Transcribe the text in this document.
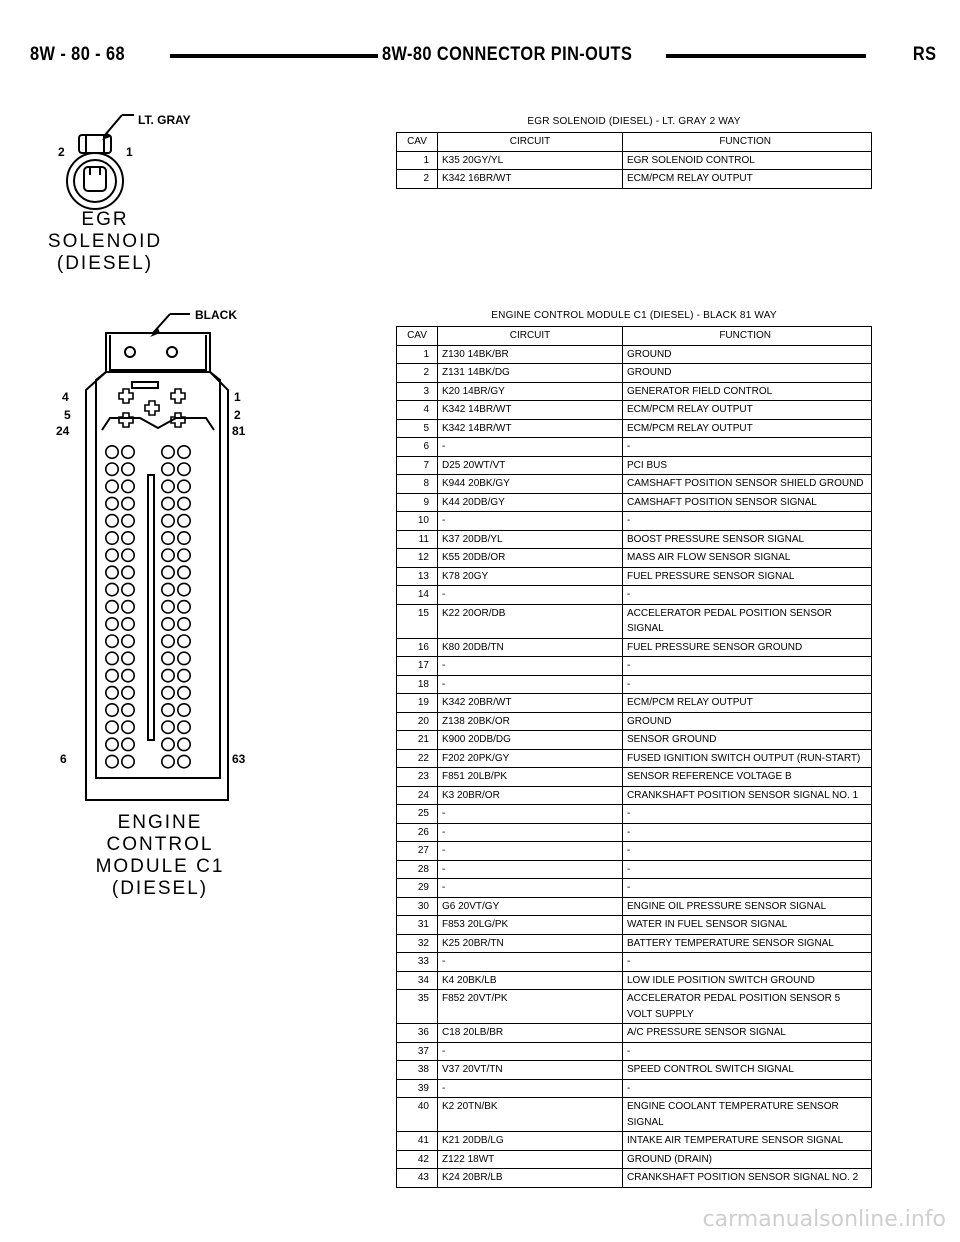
8W - 80 - 68	8W-80 CONNECTOR PIN-OUTS	RS
LT. GRAY
2	1
EGR
SOLENOID
(DIESEL)
EGR SOLENOID (DIESEL) - LT. GRAY 2 WAY
CAV	CIRCUIT	FUNCTION
1	K35 20GY/YL	EGR SOLENOID CONTROL
2	K342 16BR/WT	ECM/PCM RELAY OUTPUT
BLACK
4
5
24
1
2
81
6	63
ENGINE
CONTROL
MODULE C1
(DIESEL)
ENGINE CONTROL MODULE C1 (DIESEL) - BLACK 81 WAY
CAV	CIRCUIT	FUNCTION
1	Z130 14BK/BR	GROUND
2	Z131 14BK/DG	GROUND
3	K20 14BR/GY	GENERATOR FIELD CONTROL
4	K342 14BR/WT	ECM/PCM RELAY OUTPUT
5	K342 14BR/WT	ECM/PCM RELAY OUTPUT
6	-	-
7	D25 20WT/VT	PCI BUS
8	K944 20BK/GY	CAMSHAFT POSITION SENSOR SHIELD GROUND
9	K44 20DB/GY	CAMSHAFT POSITION SENSOR SIGNAL
10	-	-
11	K37 20DB/YL	BOOST PRESSURE SENSOR SIGNAL
12	K55 20DB/OR	MASS AIR FLOW SENSOR SIGNAL
13	K78 20GY	FUEL PRESSURE SENSOR SIGNAL
14	-	-
15	K22 20OR/DB	ACCELERATOR PEDAL POSITION SENSOR SIGNAL
16	K80 20DB/TN	FUEL PRESSURE SENSOR GROUND
17	-	-
18	-	-
19	K342 20BR/WT	ECM/PCM RELAY OUTPUT
20	Z138 20BK/OR	GROUND
21	K900 20DB/DG	SENSOR GROUND
22	F202 20PK/GY	FUSED IGNITION SWITCH OUTPUT (RUN-START)
23	F851 20LB/PK	SENSOR REFERENCE VOLTAGE B
24	K3 20BR/OR	CRANKSHAFT POSITION SENSOR SIGNAL NO. 1
25	-	-
26	-	-
27	-	-
28	-	-
29	-	-
30	G6 20VT/GY	ENGINE OIL PRESSURE SENSOR SIGNAL
31	F853 20LG/PK	WATER IN FUEL SENSOR SIGNAL
32	K25 20BR/TN	BATTERY TEMPERATURE SENSOR SIGNAL
33	-	-
34	K4 20BK/LB	LOW IDLE POSITION SWITCH GROUND
35	F852 20VT/PK	ACCELERATOR PEDAL POSITION SENSOR 5 VOLT SUPPLY
36	C18 20LB/BR	A/C PRESSURE SENSOR SIGNAL
37	-	-
38	V37 20VT/TN	SPEED CONTROL SWITCH SIGNAL
39	-	-
40	K2 20TN/BK	ENGINE COOLANT TEMPERATURE SENSOR SIGNAL
41	K21 20DB/LG	INTAKE AIR TEMPERATURE SENSOR SIGNAL
42	Z122 18WT	GROUND (DRAIN)
43	K24 20BR/LB	CRANKSHAFT POSITION SENSOR SIGNAL NO. 2
carmanualsonline.info
